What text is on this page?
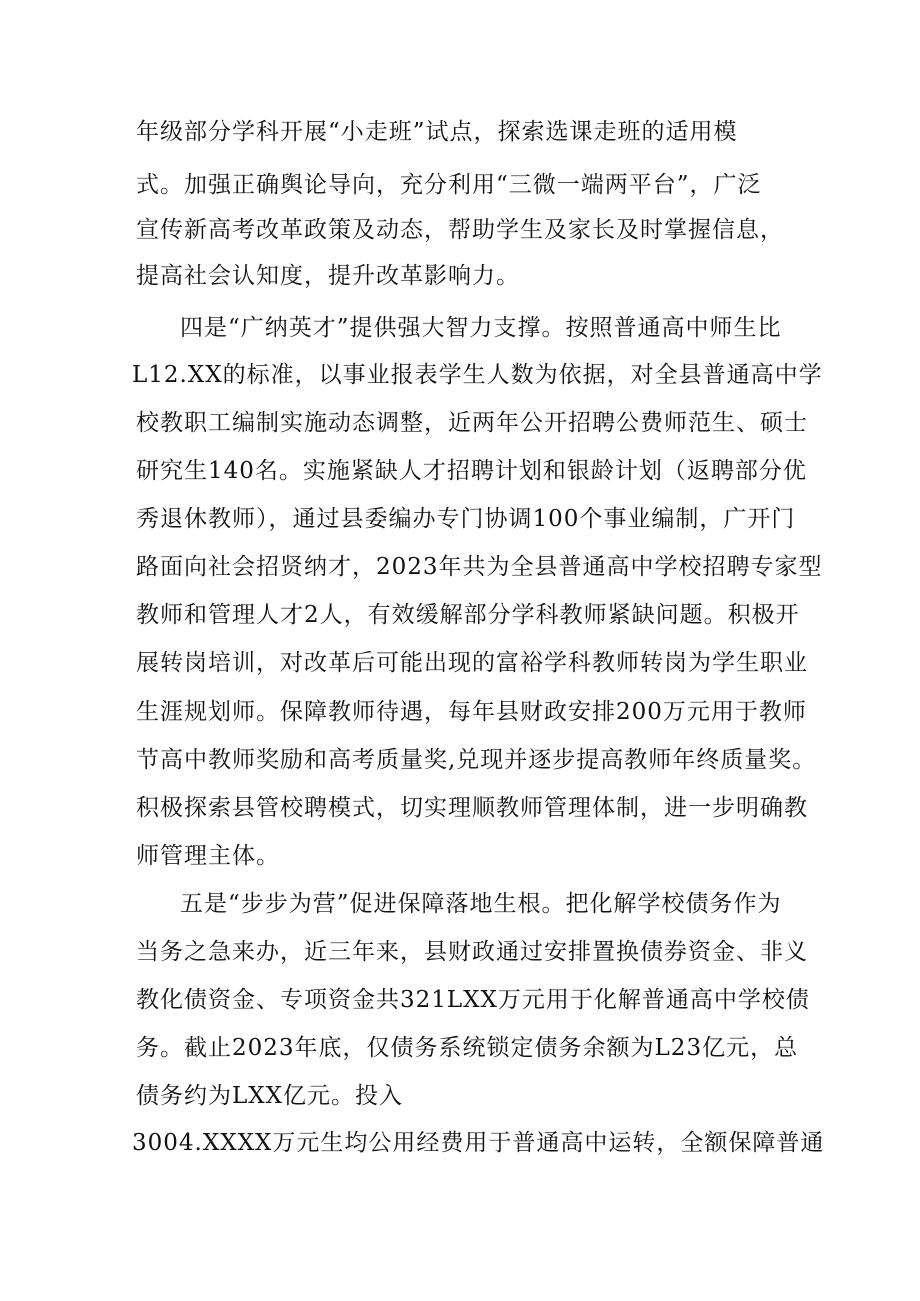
年级部分学科开展“小走班”试点，探索选课走班的适用模
式。加强正确舆论导向，充分利用“三微一端两平台”，广泛
宣传新高考改革政策及动态，帮助学生及家长及时掌握信息，
提高社会认知度，提升改革影响力。
四是“广纳英才”提供强大智力支撑。按照普通高中师生比
L12.XX的标准，以事业报表学生人数为依据，对全县普通高中学
校教职工编制实施动态调整，近两年公开招聘公费师范生、硕士
研究生140名。实施紧缺人才招聘计划和银龄计划（返聘部分优
秀退休教师），通过县委编办专门协调100个事业编制，广开门
路面向社会招贤纳才，2023年共为全县普通高中学校招聘专家型
教师和管理人才2人，有效缓解部分学科教师紧缺问题。积极开
展转岗培训，对改革后可能出现的富裕学科教师转岗为学生职业
生涯规划师。保障教师待遇，每年县财政安排200万元用于教师
节高中教师奖励和高考质量奖,兑现并逐步提高教师年终质量奖。
积极探索县管校聘模式，切实理顺教师管理体制，进一步明确教
师管理主体。
五是“步步为营”促进保障落地生根。把化解学校债务作为
当务之急来办，近三年来，县财政通过安排置换债券资金、非义
教化债资金、专项资金共321LXX万元用于化解普通高中学校债
务。截止2023年底，仅债务系统锁定债务余额为L23亿元，总
债务约为LXX亿元。投入
3004.XXXX万元生均公用经费用于普通高中运转，全额保障普通
